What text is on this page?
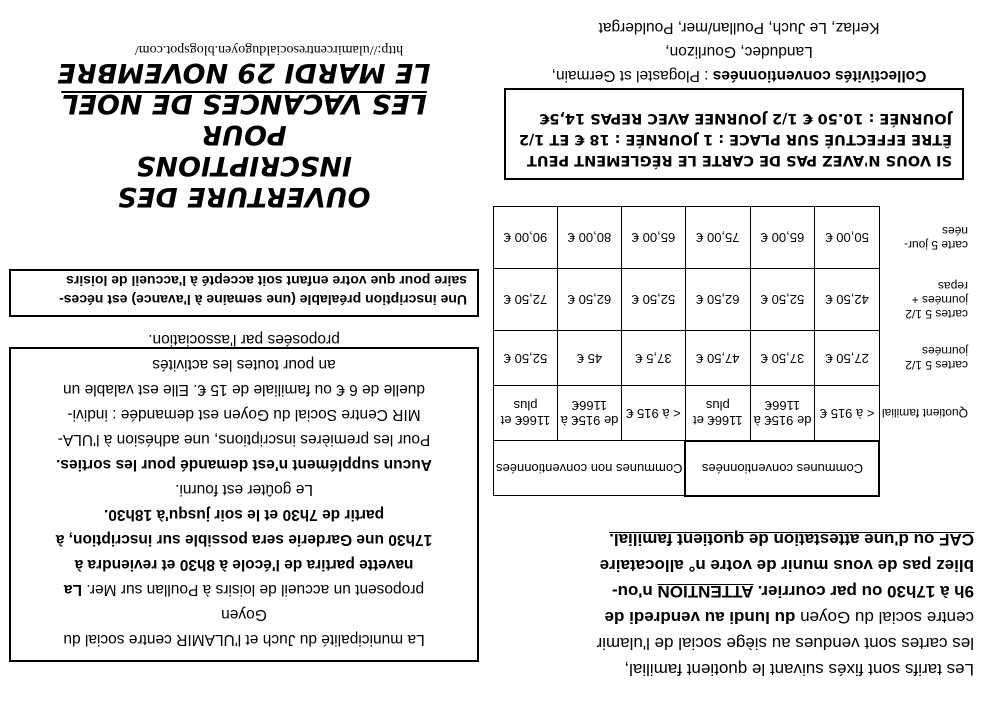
La municipalité du Juch et l'ULAMIR centre social du

Goyen

proposent un accueil de loisirs à Poullan sur Mer. La

navette partira de l'école à 8h30 et reviendra à

17h30 une Garderie sera possible sur inscription, à

partir de 7h30 et le soir jusqu'à 18h30.

Le goûter est fourni.

Aucun supplément n'est demandé pour les sorties.

Pour les premières inscriptions, une adhésion à l'ULA-

MIR Centre Social du Goyen est demandée : indivi-

duelle de 6 € ou familiale de 15 €. Elle est valable un

an pour toutes les activités

proposées par l'association.

Une inscription préalable (une semaine à l'avance) est néces-
saire pour que votre enfant soit accepté à l'accueil de loisirs
OUVERTURE DES INSCRIPTIONS
POUR
LES VACANCES DE NOEL
LE MARDI 29 NOVEMBRE
http://ulamircentresocialdugoyen.blogspot.com/

Les tarifs sont fixés suivant le quotient familial,

les cartes sont vendues au siège social de l'ulamir

centre social du Goyen du lundi au vendredi de

9h à 17h30 ou par courrier. ATTENTION n'ou-

bliez pas de vous munir de votre n° allocataire

CAF ou d'une attestation de quotient familial.

	Communes conventionnées			Communes non conventionnées		
Quotient familial	< à 915 €	de 915€ à 1166€	1166€ et plus	< à 915 €	de 915€ à 1166€	1166€ et plus
cartes 5 1/2 journées	27,50 €	37,50 €	47,50 €	37,5 €	45 €	52,50 €
cartes 5 1/2 journées + repas	42,50 €	52,50 €	62,50 €	52,50 €	62,50 €	72,50 €
carte 5 jour-nées	50,00 €	65,00 €	75,00 €	65,00 €	80,00 €	90,00 €
SI VOUS N'AVEZ PAS DE CARTE LE RÉGLEMENT PEUT
ÊTRE EFFECTUÉ SUR PLACE : 1 JOURNÉE : 18 € ET 1/2
JOURNÉE : 10.50 € 1/2 JOURNEE AVEC REPAS 14,5€
Collectivités conventionnées : Plogastel st Germain,
Landudec, Gourlizon,
Kerlaz, Le Juch, Poullan/mer, Pouldergat
